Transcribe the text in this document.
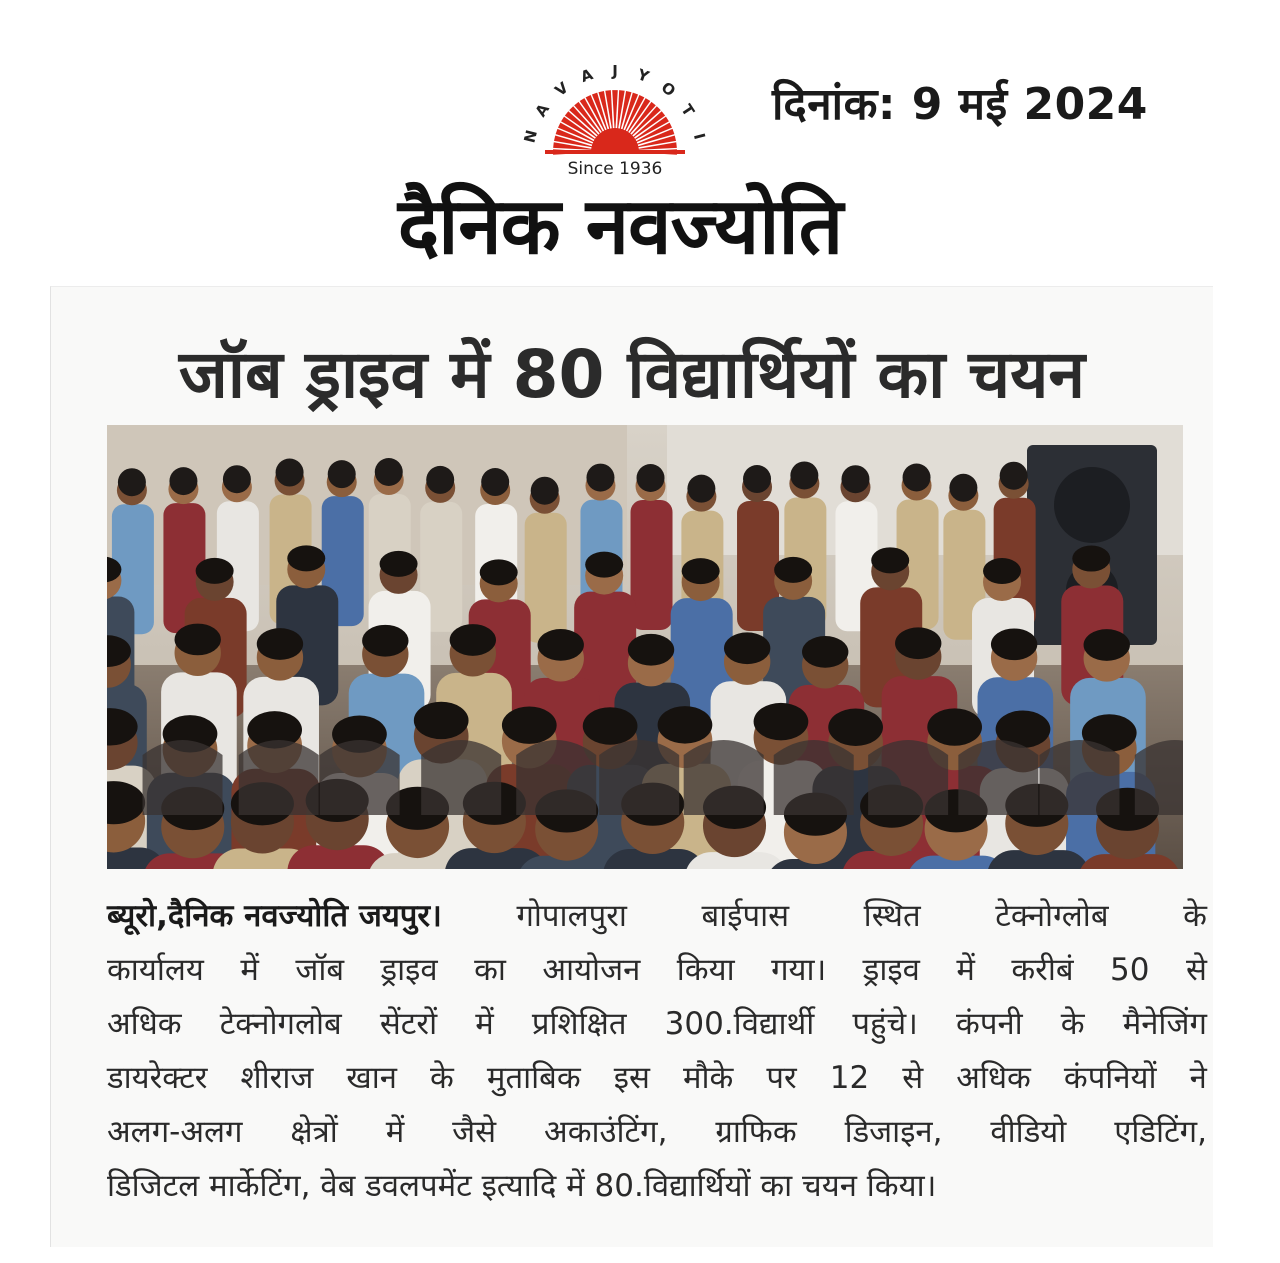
N
A
V
A J Y
O
T
I
Since 1936
दिनांक: 9 मई 2024
दैनिक नवज्योति
जॉब ड्राइव में 80 विद्यार्थियों का चयन
ब्यूरो,दैनिक नवज्योति जयपुर। गोपालपुरा बाईपास स्थित टेक्नोग्लोब के
कार्यालय में जॉब ड्राइव का आयोजन किया गया। ड्राइव में करीबं 50 से
अधिक टेक्नोगलोब सेंटरों में प्रशिक्षित 300.विद्यार्थी पहुंचे। कंपनी के मैनेजिंग
डायरेक्टर शीराज खान के मुताबिक इस मौके पर 12 से अधिक कंपनियों ने
अलग-अलग क्षेत्रों में जैसे अकाउंटिंग, ग्राफिक डिजाइन, वीडियो एडिटिंग,
डिजिटल मार्केटिंग, वेब डवलपमेंट इत्यादि में 80.विद्यार्थियों का चयन किया।
